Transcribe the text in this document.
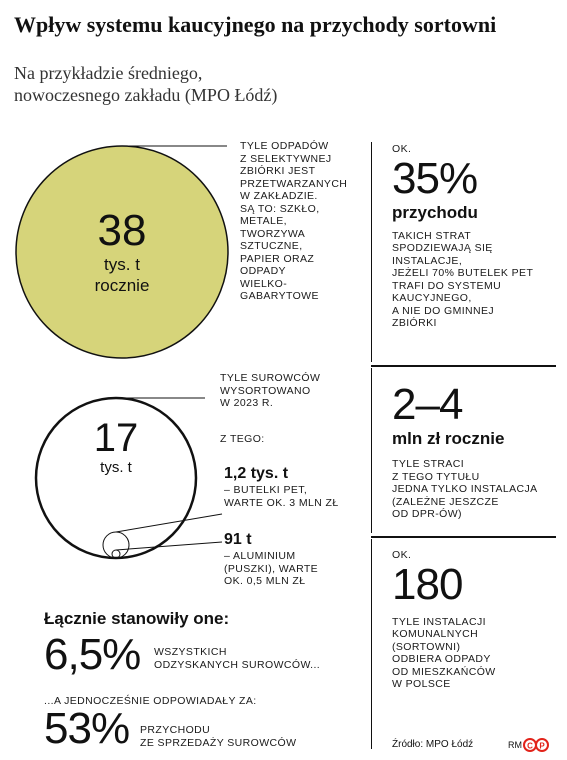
Wpływ systemu kaucyjnego na przychody sortowni
Na przykładzie średniego,
nowoczesnego zakładu (MPO Łódź)
38
tys. t
rocznie
TYLE ODPADÓW
Z SELEKTYWNEJ
ZBIÓRKI JEST
PRZETWARZANYCH
W ZAKŁADZIE.
SĄ TO: SZKŁO,
METALE,
TWORZYWA
SZTUCZNE,
PAPIER ORAZ
ODPADY
WIELKO-
GABARYTOWE
17
tys. t
TYLE SUROWCÓW
WYSORTOWANO
W 2023 R.
Z TEGO:
1,2 tys. t
– BUTELKI PET,
WARTE OK. 3 MLN ZŁ
91 t
– ALUMINIUM
(PUSZKI), WARTE
OK. 0,5 MLN ZŁ
Łącznie stanowiły one:
6,5% WSZYSTKICH
ODZYSKANYCH SUROWCÓW...
...A JEDNOCZEŚNIE ODPOWIADAŁY ZA:
53% PRZYCHODU
ZE SPRZEDAŻY SUROWCÓW
OK.
35%
przychodu
TAKICH STRAT
SPODZIEWAJĄ SIĘ
INSTALACJE,
JEŻELI 70% BUTELEK PET
TRAFI DO SYSTEMU
KAUCYJNEGO,
A NIE DO GMINNEJ
ZBIÓRKI
2–4
mln zł rocznie
TYLE STRACI
Z TEGO TYTUŁU
JEDNA TYLKO INSTALACJA
(ZALEŻNE JESZCZE
OD DPR-ÓW)
OK.
180
TYLE INSTALACJI
KOMUNALNYCH
(SORTOWNI)
ODBIERA ODPADY
OD MIESZKAŃCÓW
W POLSCE
Źródło: MPO Łódź	RM C P
